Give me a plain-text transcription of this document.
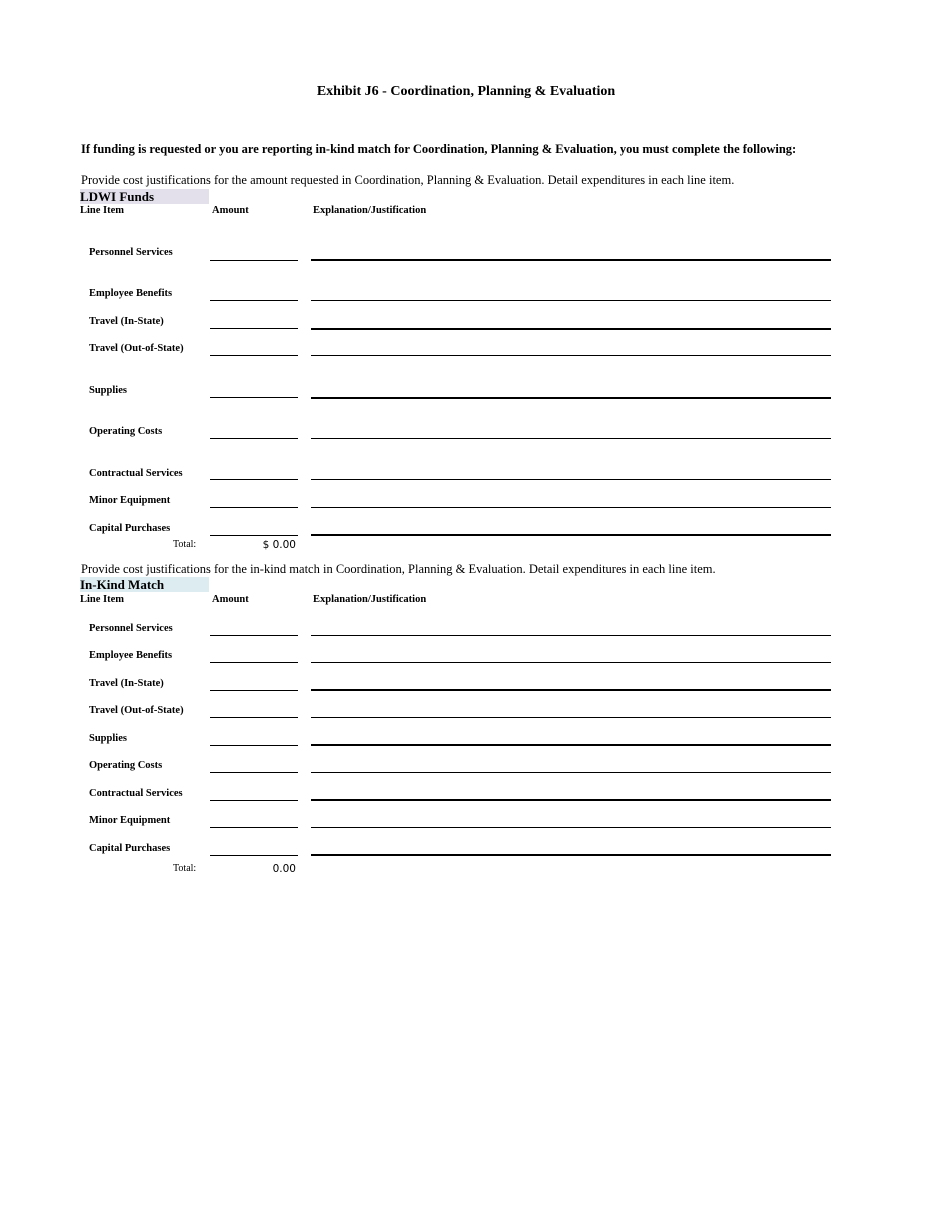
Exhibit J6 - Coordination, Planning & Evaluation
If funding is requested or you are reporting in-kind match for Coordination, Planning & Evaluation, you must complete the following:
Provide cost justifications for the amount requested in Coordination, Planning & Evaluation. Detail expenditures in each line item.
LDWI Funds
Line Item	Amount	Explanation/Justification
Personnel Services
Employee Benefits
Travel (In-State)
Travel (Out-of-State)
Supplies
Operating Costs
Contractual Services
Minor Equipment
Capital Purchases
Total:	$ 0.00
Provide cost justifications for the in-kind match in Coordination, Planning & Evaluation. Detail expenditures in each line item.
In-Kind Match
Line Item	Amount	Explanation/Justification
Personnel Services
Employee Benefits
Travel (In-State)
Travel (Out-of-State)
Supplies
Operating Costs
Contractual Services
Minor Equipment
Capital Purchases
Total:	0.00
